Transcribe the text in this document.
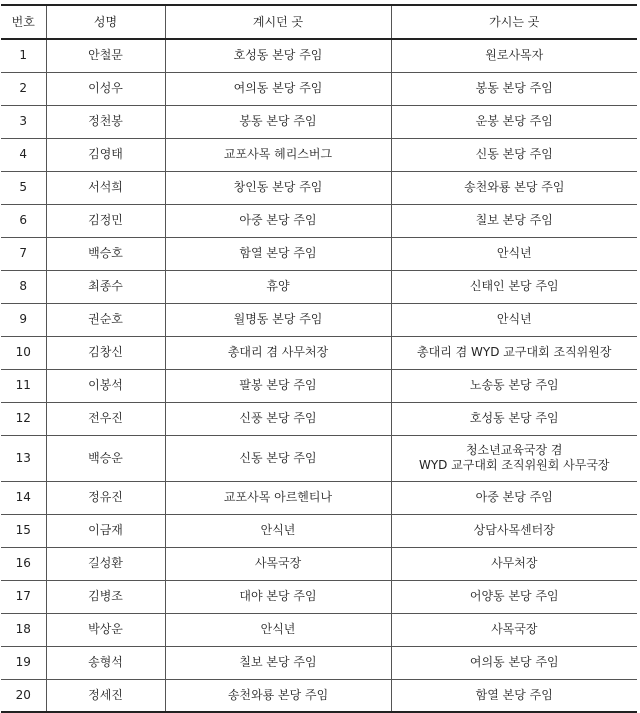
번호	성명	계시던 곳	가시는 곳
1	안철문	호성동 본당 주임	원로사목자
2	이성우	여의동 본당 주임	봉동 본당 주임
3	정천봉	봉동 본당 주임	운봉 본당 주임
4	김영태	교포사목 헤리스버그	신동 본당 주임
5	서석희	창인동 본당 주임	송천와룡 본당 주임
6	김정민	아중 본당 주임	칠보 본당 주임
7	백승호	함열 본당 주임	안식년
8	최종수	휴양	신태인 본당 주임
9	권순호	월명동 본당 주임	안식년
10	김창신	총대리 겸 사무처장	총대리 겸 WYD 교구대회 조직위원장
11	이봉석	팔봉 본당 주임	노송동 본당 주임
12	전우진	신풍 본당 주임	호성동 본당 주임
13	백승운	신동 본당 주임	청소년교육국장 겸
WYD 교구대회 조직위원회 사무국장

14	정유진	교포사목 아르헨티나	아중 본당 주임
15	이금재	안식년	상담사목센터장
16	길성환	사목국장	사무처장
17	김병조	대야 본당 주임	어양동 본당 주임
18	박상운	안식년	사목국장
19	송형석	칠보 본당 주임	여의동 본당 주임
20	정세진	송천와룡 본당 주임	함열 본당 주임
